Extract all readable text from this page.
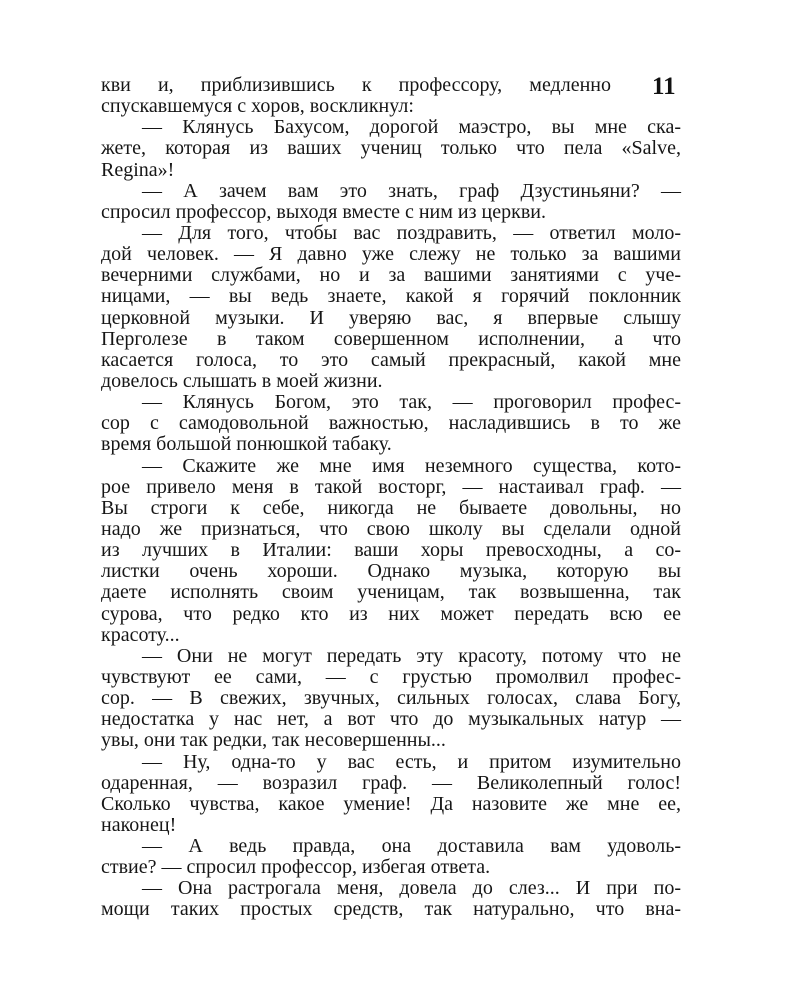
11
кви и, приблизившись к профессору, медленно
спускавшемуся с хоров, воскликнул:
— Клянусь Бахусом, дорогой маэстро, вы мне ска-
жете, которая из ваших учениц только что пела «Salve,
Regina»!
— А зачем вам это знать, граф Дзустиньяни? —
спросил профессор, выходя вместе с ним из церкви.
— Для того, чтобы вас поздравить, — ответил моло-
дой человек. — Я давно уже слежу не только за вашими
вечерними службами, но и за вашими занятиями с уче-
ницами, — вы ведь знаете, какой я горячий поклонник
церковной музыки. И уверяю вас, я впервые слышу
Перголезе в таком совершенном исполнении, а что
касается голоса, то это самый прекрасный, какой мне
довелось слышать в моей жизни.
— Клянусь Богом, это так, — проговорил профес-
сор с самодовольной важностью, насладившись в то же
время большой понюшкой табаку.
— Скажите же мне имя неземного существа, кото-
рое привело меня в такой восторг, — настаивал граф. —
Вы строги к себе, никогда не бываете довольны, но
надо же признаться, что свою школу вы сделали одной
из лучших в Италии: ваши хоры превосходны, а со-
листки очень хороши. Однако музыка, которую вы
даете исполнять своим ученицам, так возвышенна, так
сурова, что редко кто из них может передать всю ее
красоту...
— Они не могут передать эту красоту, потому что не
чувствуют ее сами, — с грустью промолвил профес-
сор. — В свежих, звучных, сильных голосах, слава Богу,
недостатка у нас нет, а вот что до музыкальных натур —
увы, они так редки, так несовершенны...
— Ну, одна-то у вас есть, и притом изумительно
одаренная, — возразил граф. — Великолепный голос!
Сколько чувства, какое умение! Да назовите же мне ее,
наконец!
— А ведь правда, она доставила вам удоволь-
ствие? — спросил профессор, избегая ответа.
— Она растрогала меня, довела до слез... И при по-
мощи таких простых средств, так натурально, что вна-
